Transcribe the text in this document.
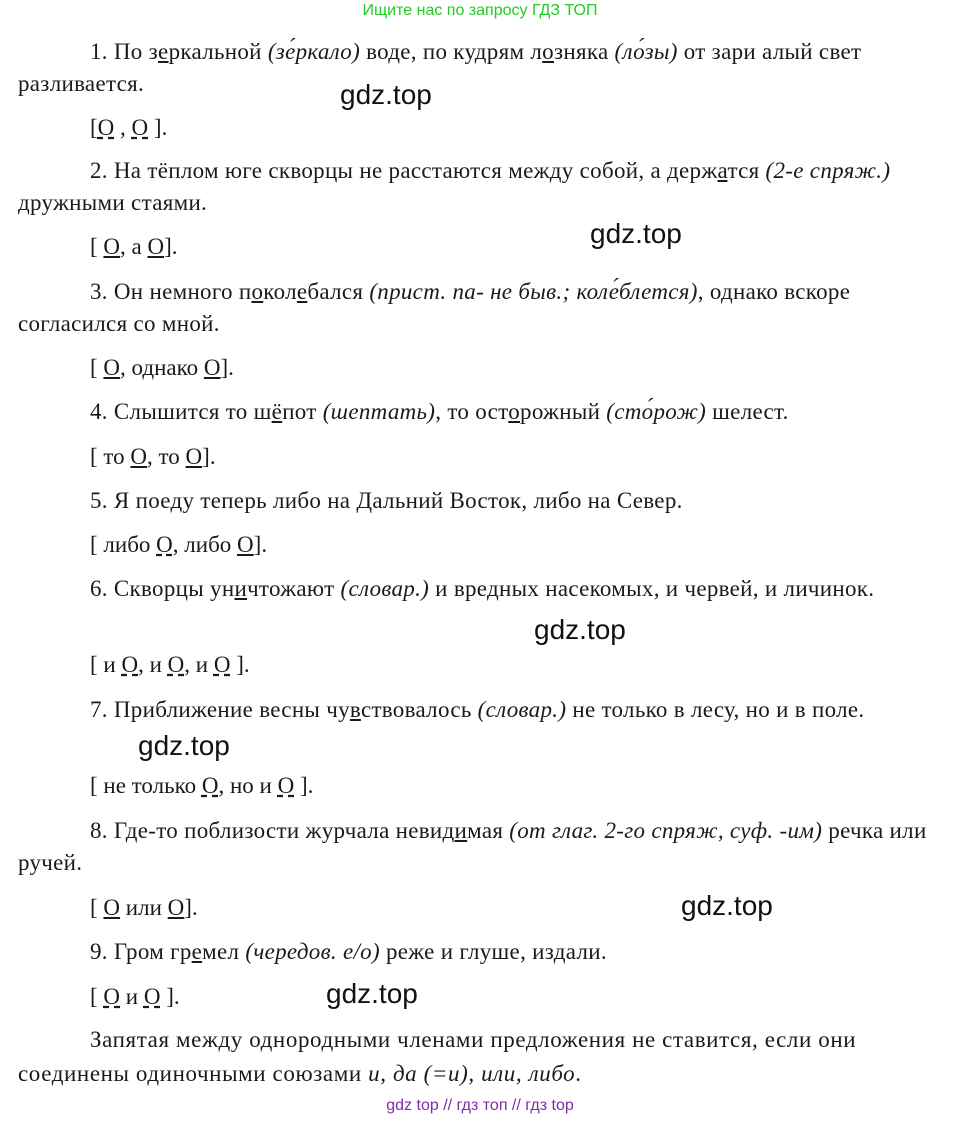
Ищите нас по запросу ГДЗ ТОП
1. По зеркальной (зе́ркало) воде, по кудрям лозняка (ло́зы) от зари алый свет разливается.
[О , О ].
2. На тёплом юге скворцы не расстаются между собой, а держатся (2-е спряж.) дружными стаями.
[ О, а О].
3. Он немного поколебался (прист. па- не быв.; коле́блется), однако вскоре согласился со мной.
[ О, однако О].
4. Слышится то шёпот (шептать), то осторожный (сто́рож) шелест.
[ то О, то О].
5. Я поеду теперь либо на Дальний Восток, либо на Север.
[ либо О, либо О].
6. Скворцы уничтожают (словар.) и вредных насекомых, и червей, и личинок.
[ и О, и О, и О ].
7. Приближение весны чувствовалось (словар.) не только в лесу, но и в поле.
[ не только О, но и О ].
8. Где-то поблизости журчала невидимая (от глаг. 2-го спряж, суф. -им) речка или ручей.
[ О или О].
9. Гром гремел (чередов. е/о) реже и глуше, издали.
[ О и О ].
Запятая между однородными членами предложения не ставится, если они соединены одиночными союзами и, да (=и), или, либо.
gdz.top
gdz.top
gdz.top
gdz.top
gdz.top
gdz.top
gdz top // гдз топ // гдз top
